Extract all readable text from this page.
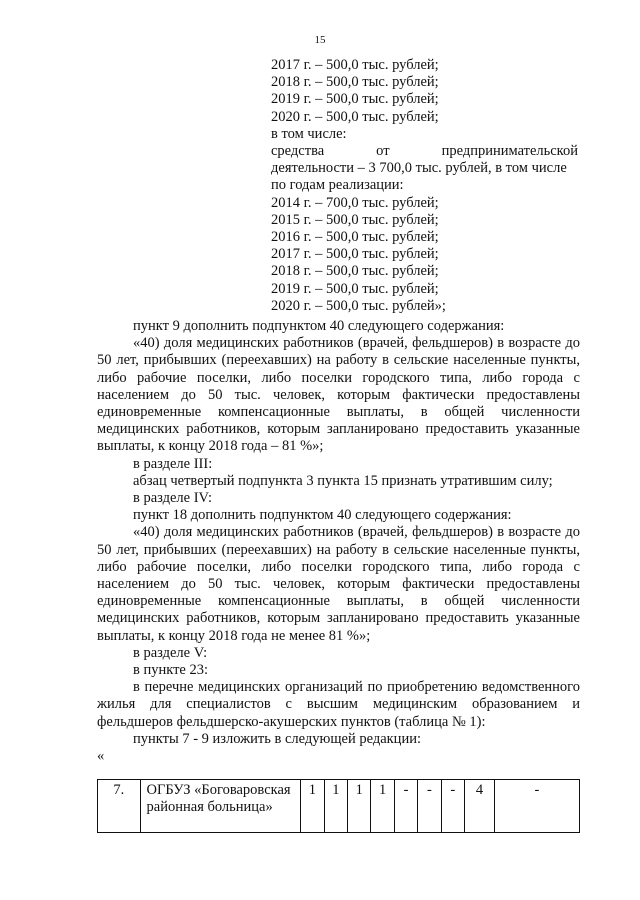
15
2017 г. – 500,0 тыс. рублей;
2018 г. – 500,0 тыс. рублей;
2019 г. – 500,0 тыс. рублей;
2020 г. – 500,0 тыс. рублей;
в том числе:
средства от предпринимательской
деятельности – 3 700,0 тыс. рублей, в том числе
по годам реализации:
2014 г. – 700,0 тыс. рублей;
2015 г. – 500,0 тыс. рублей;
2016 г. – 500,0 тыс. рублей;
2017 г. – 500,0 тыс. рублей;
2018 г. – 500,0 тыс. рублей;
2019 г. – 500,0 тыс. рублей;
2020 г. – 500,0 тыс. рублей»;

пункт 9 дополнить подпунктом 40 следующего содержания:

«40) доля медицинских работников (врачей, фельдшеров) в возрасте до 50 лет, прибывших (переехавших) на работу в сельские населенные пункты, либо рабочие поселки, либо поселки городского типа, либо города с населением до 50 тыс. человек, которым фактически предоставлены единовременные компенсационные выплаты, в общей численности медицинских работников, которым запланировано предоставить указанные выплаты, к концу 2018 года – 81 %»;

в разделе III:

абзац четвертый подпункта 3 пункта 15 признать утратившим силу;

в разделе IV:

пункт 18 дополнить подпунктом 40 следующего содержания:

«40) доля медицинских работников (врачей, фельдшеров) в возрасте до 50 лет, прибывших (переехавших) на работу в сельские населенные пункты, либо рабочие поселки, либо поселки городского типа, либо города с населением до 50 тыс. человек, которым фактически предоставлены единовременные компенсационные выплаты, в общей численности медицинских работников, которым запланировано предоставить указанные выплаты, к концу 2018 года не менее 81 %»;

в разделе V:

в пункте 23:

в перечне медицинских организаций по приобретению ведомственного жилья для специалистов с высшим медицинским образованием и фельдшеров фельдшерско-акушерских пунктов (таблица № 1):

пункты 7 - 9 изложить в следующей редакции:

«

7.	ОГБУЗ «Боговаровская районная больница»	1	1	1	1	-	-	-	4	-
